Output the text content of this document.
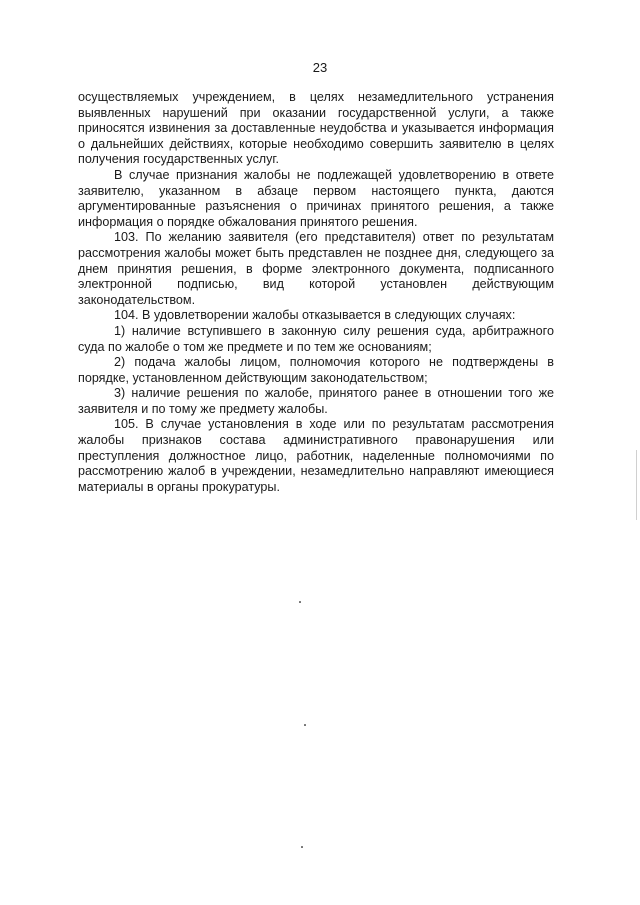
23

осуществляемых учреждением, в целях незамедлительного устранения выявленных нарушений при оказании государственной услуги, а также приносятся извинения за доставленные неудобства и указывается информация о дальнейших действиях, которые необходимо совершить заявителю в целях получения государственных услуг.

В случае признания жалобы не подлежащей удовлетворению в ответе заявителю, указанном в абзаце первом настоящего пункта, даются аргументированные разъяснения о причинах принятого решения, а также информация о порядке обжалования принятого решения.

103. По желанию заявителя (его представителя) ответ по результатам рассмотрения жалобы может быть представлен не позднее дня, следующего за днем принятия решения, в форме электронного документа, подписанного электронной подписью, вид которой установлен действующим законодательством.

104. В удовлетворении жалобы отказывается в следующих случаях:

1) наличие вступившего в законную силу решения суда, арбитражного суда по жалобе о том же предмете и по тем же основаниям;

2) подача жалобы лицом, полномочия которого не подтверждены в порядке, установленном действующим законодательством;

3) наличие решения по жалобе, принятого ранее в отношении того же заявителя и по тому же предмету жалобы.

105. В случае установления в ходе или по результатам рассмотрения жалобы признаков состава административного правонарушения или преступления должностное лицо, работник, наделенные полномочиями по рассмотрению жалоб в учреждении, незамедлительно направляют имеющиеся материалы в органы прокуратуры.
